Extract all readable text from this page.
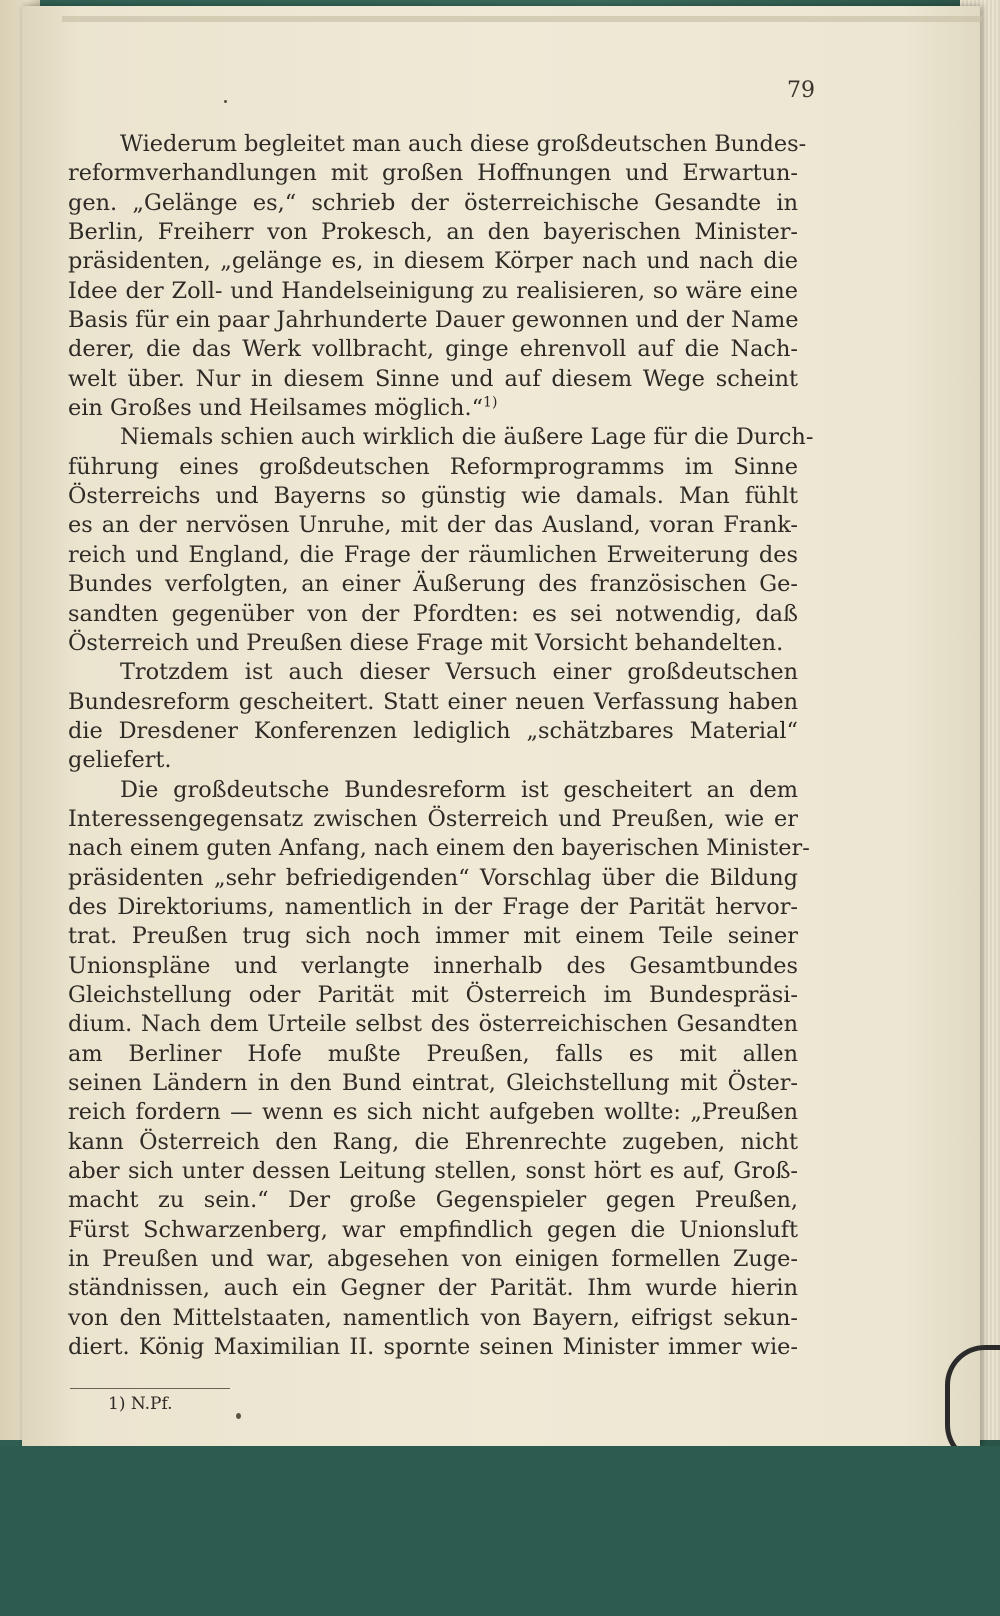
79
Wiederum begleitet man auch diese großdeutschen Bundes-
reformverhandlungen mit großen Hoffnungen und Erwartun-
gen. „Gelänge es,“ schrieb der österreichische Gesandte in
Berlin, Freiherr von Prokesch, an den bayerischen Minister-
präsidenten, „gelänge es, in diesem Körper nach und nach die
Idee der Zoll- und Handelseinigung zu realisieren, so wäre eine
Basis für ein paar Jahrhunderte Dauer gewonnen und der Name
derer, die das Werk vollbracht, ginge ehrenvoll auf die Nach-
welt über. Nur in diesem Sinne und auf diesem Wege scheint
ein Großes und Heilsames möglich.“$^{1)}$
Niemals schien auch wirklich die äußere Lage für die Durch-
führung eines großdeutschen Reformprogramms im Sinne
Österreichs und Bayerns so günstig wie damals. Man fühlt
es an der nervösen Unruhe, mit der das Ausland, voran Frank-
reich und England, die Frage der räumlichen Erweiterung des
Bundes verfolgten, an einer Äußerung des französischen Ge-
sandten gegenüber von der Pfordten: es sei notwendig, daß
Österreich und Preußen diese Frage mit Vorsicht behandelten.
Trotzdem ist auch dieser Versuch einer großdeutschen
Bundesreform gescheitert. Statt einer neuen Verfassung haben
die Dresdener Konferenzen lediglich „schätzbares Material“
geliefert.
Die großdeutsche Bundesreform ist gescheitert an dem
Interessengegensatz zwischen Österreich und Preußen, wie er
nach einem guten Anfang, nach einem den bayerischen Minister-
präsidenten „sehr befriedigenden“ Vorschlag über die Bildung
des Direktoriums, namentlich in der Frage der Parität hervor-
trat. Preußen trug sich noch immer mit einem Teile seiner
Unionspläne und verlangte innerhalb des Gesamtbundes
Gleichstellung oder Parität mit Österreich im Bundespräsi-
dium. Nach dem Urteile selbst des österreichischen Gesandten
am Berliner Hofe mußte Preußen, falls es mit allen
seinen Ländern in den Bund eintrat, Gleichstellung mit Öster-
reich fordern — wenn es sich nicht aufgeben wollte: „Preußen
kann Österreich den Rang, die Ehrenrechte zugeben, nicht
aber sich unter dessen Leitung stellen, sonst hört es auf, Groß-
macht zu sein.“ Der große Gegenspieler gegen Preußen,
Fürst Schwarzenberg, war empfindlich gegen die Unionsluft
in Preußen und war, abgesehen von einigen formellen Zuge-
ständnissen, auch ein Gegner der Parität. Ihm wurde hierin
von den Mittelstaaten, namentlich von Bayern, eifrigst sekun-
diert. König Maximilian II. spornte seinen Minister immer wie-
1) N.Pf.
